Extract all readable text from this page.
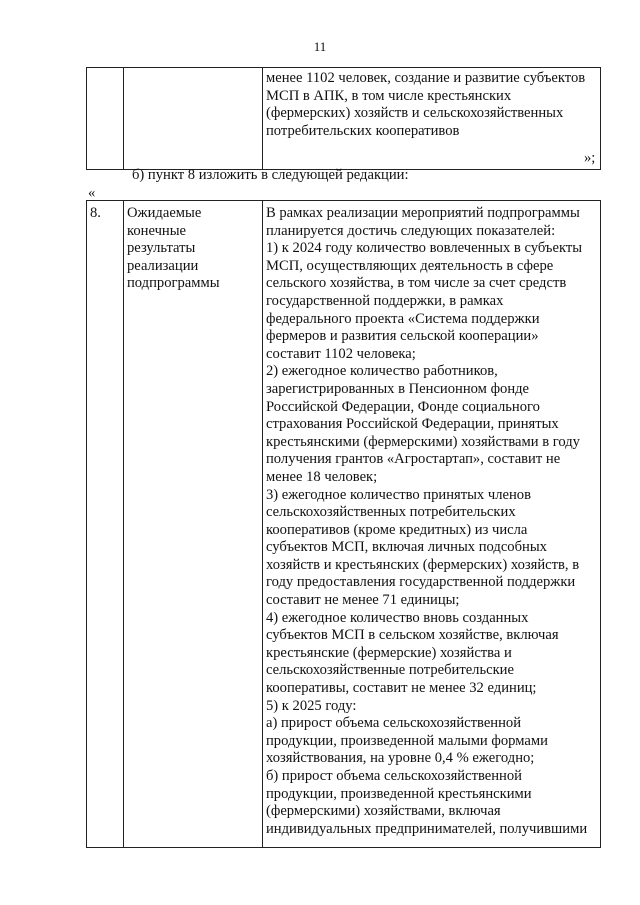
11

менее 1102 человек, создание и развитие субъектов
МСП в АПК, в том числе крестьянских
(фермерских) хозяйств и сельскохозяйственных
потребительских кооперативов
»;
б) пункт 8 изложить в следующей редакции:
«
8.	Ожидаемые
конечные
результаты
реализации
подпрограммы

В рамках реализации мероприятий подпрограммы
планируется достичь следующих показателей:
1) к 2024 году количество вовлеченных в субъекты
МСП, осуществляющих деятельность в сфере
сельского хозяйства, в том числе за счет средств
государственной поддержки, в рамках
федерального проекта «Система поддержки
фермеров и развития сельской кооперации»
составит 1102 человека;
2) ежегодное количество работников,
зарегистрированных в Пенсионном фонде
Российской Федерации, Фонде социального
страхования Российской Федерации, принятых
крестьянскими (фермерскими) хозяйствами в году
получения грантов «Агростартап», составит не
менее 18 человек;
3) ежегодное количество принятых членов
сельскохозяйственных потребительских
кооперативов (кроме кредитных) из числа
субъектов МСП, включая личных подсобных
хозяйств и крестьянских (фермерских) хозяйств, в
году предоставления государственной поддержки
составит не менее 71 единицы;
4) ежегодное количество вновь созданных
субъектов МСП в сельском хозяйстве, включая
крестьянские (фермерские) хозяйства и
сельскохозяйственные потребительские
кооперативы, составит не менее 32 единиц;
5) к 2025 году:
а) прирост объема сельскохозяйственной
продукции, произведенной малыми формами
хозяйствования, на уровне 0,4 % ежегодно;
б) прирост объема сельскохозяйственной
продукции, произведенной крестьянскими
(фермерскими) хозяйствами, включая
индивидуальных предпринимателей, получившими
